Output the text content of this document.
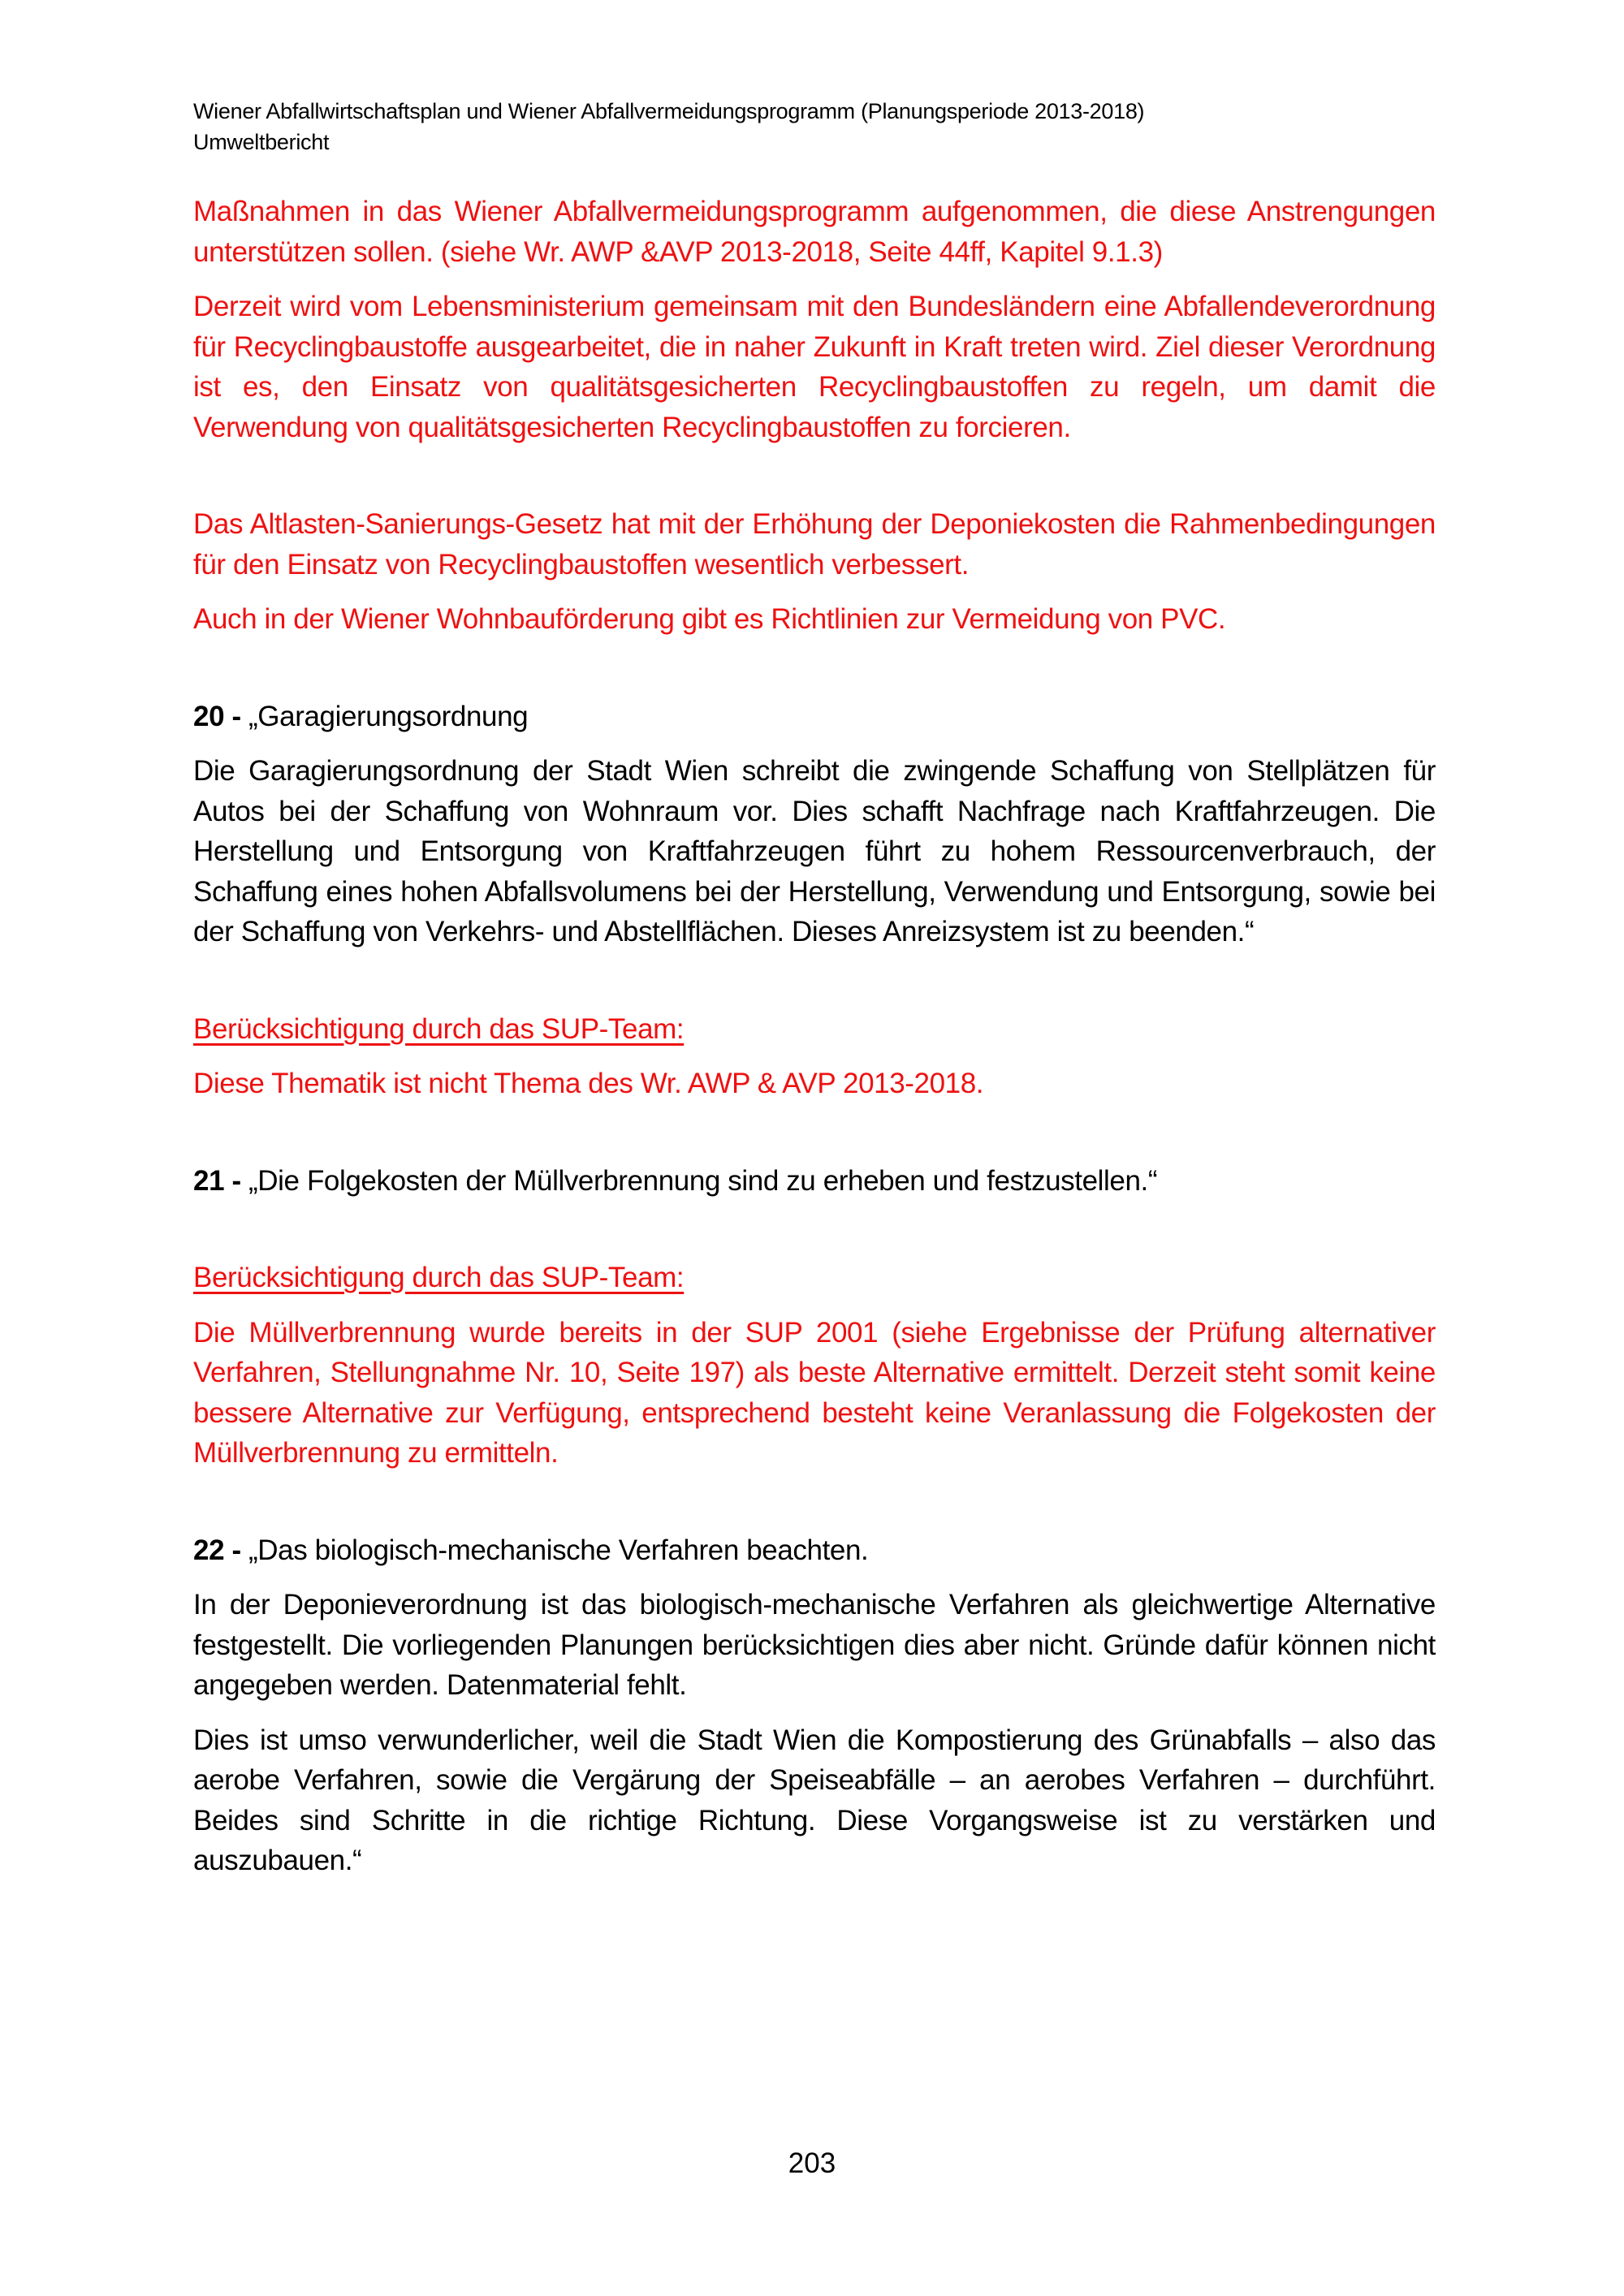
Wiener Abfallwirtschaftsplan und Wiener Abfallvermeidungsprogramm (Planungsperiode 2013-2018)
Umweltbericht

Maßnahmen in das Wiener Abfallvermeidungsprogramm aufgenommen, die diese Anstrengungen unterstützen sollen. (siehe Wr. AWP &AVP 2013-2018, Seite 44ff, Kapitel 9.1.3)

Derzeit wird vom Lebensministerium gemeinsam mit den Bundesländern eine Abfallendeverordnung für Recyclingbaustoffe ausgearbeitet, die in naher Zukunft in Kraft treten wird. Ziel dieser Verordnung ist es, den Einsatz von qualitätsgesicherten Recyclingbaustoffen zu regeln, um damit die Verwendung von qualitätsgesicherten Recyclingbaustoffen zu forcieren.

Das Altlasten-Sanierungs-Gesetz hat mit der Erhöhung der Deponiekosten die Rahmenbedingungen für den Einsatz von Recyclingbaustoffen wesentlich verbessert.

Auch in der Wiener Wohnbauförderung gibt es Richtlinien zur Vermeidung von PVC.

20 - „Garagierungsordnung

Die Garagierungsordnung der Stadt Wien schreibt die zwingende Schaffung von Stellplätzen für Autos bei der Schaffung von Wohnraum vor. Dies schafft Nachfrage nach Kraftfahrzeugen. Die Herstellung und Entsorgung von Kraftfahrzeugen führt zu hohem Ressourcenverbrauch, der Schaffung eines hohen Abfallsvolumens bei der Herstellung, Verwendung und Entsorgung, sowie bei der Schaffung von Verkehrs- und Abstellflächen. Dieses Anreizsystem ist zu beenden.“

Berücksichtigung durch das SUP-Team:

Diese Thematik ist nicht Thema des Wr. AWP & AVP 2013-2018.

21 - „Die Folgekosten der Müllverbrennung sind zu erheben und festzustellen.“

Berücksichtigung durch das SUP-Team:

Die Müllverbrennung wurde bereits in der SUP 2001 (siehe Ergebnisse der Prüfung alternativer Verfahren, Stellungnahme Nr. 10, Seite 197) als beste Alternative ermittelt. Derzeit steht somit keine bessere Alternative zur Verfügung, entsprechend besteht keine Veranlassung die Folgekosten der Müllverbrennung zu ermitteln.

22 - „Das biologisch-mechanische Verfahren beachten.

In der Deponieverordnung ist das biologisch-mechanische Verfahren als gleichwertige Alternative festgestellt. Die vorliegenden Planungen berücksichtigen dies aber nicht. Gründe dafür können nicht angegeben werden. Datenmaterial fehlt.

Dies ist umso verwunderlicher, weil die Stadt Wien die Kompostierung des Grünabfalls – also das aerobe Verfahren, sowie die Vergärung der Speiseabfälle – an aerobes Verfahren – durchführt. Beides sind Schritte in die richtige Richtung. Diese Vorgangsweise ist zu verstärken und auszubauen.“

203
